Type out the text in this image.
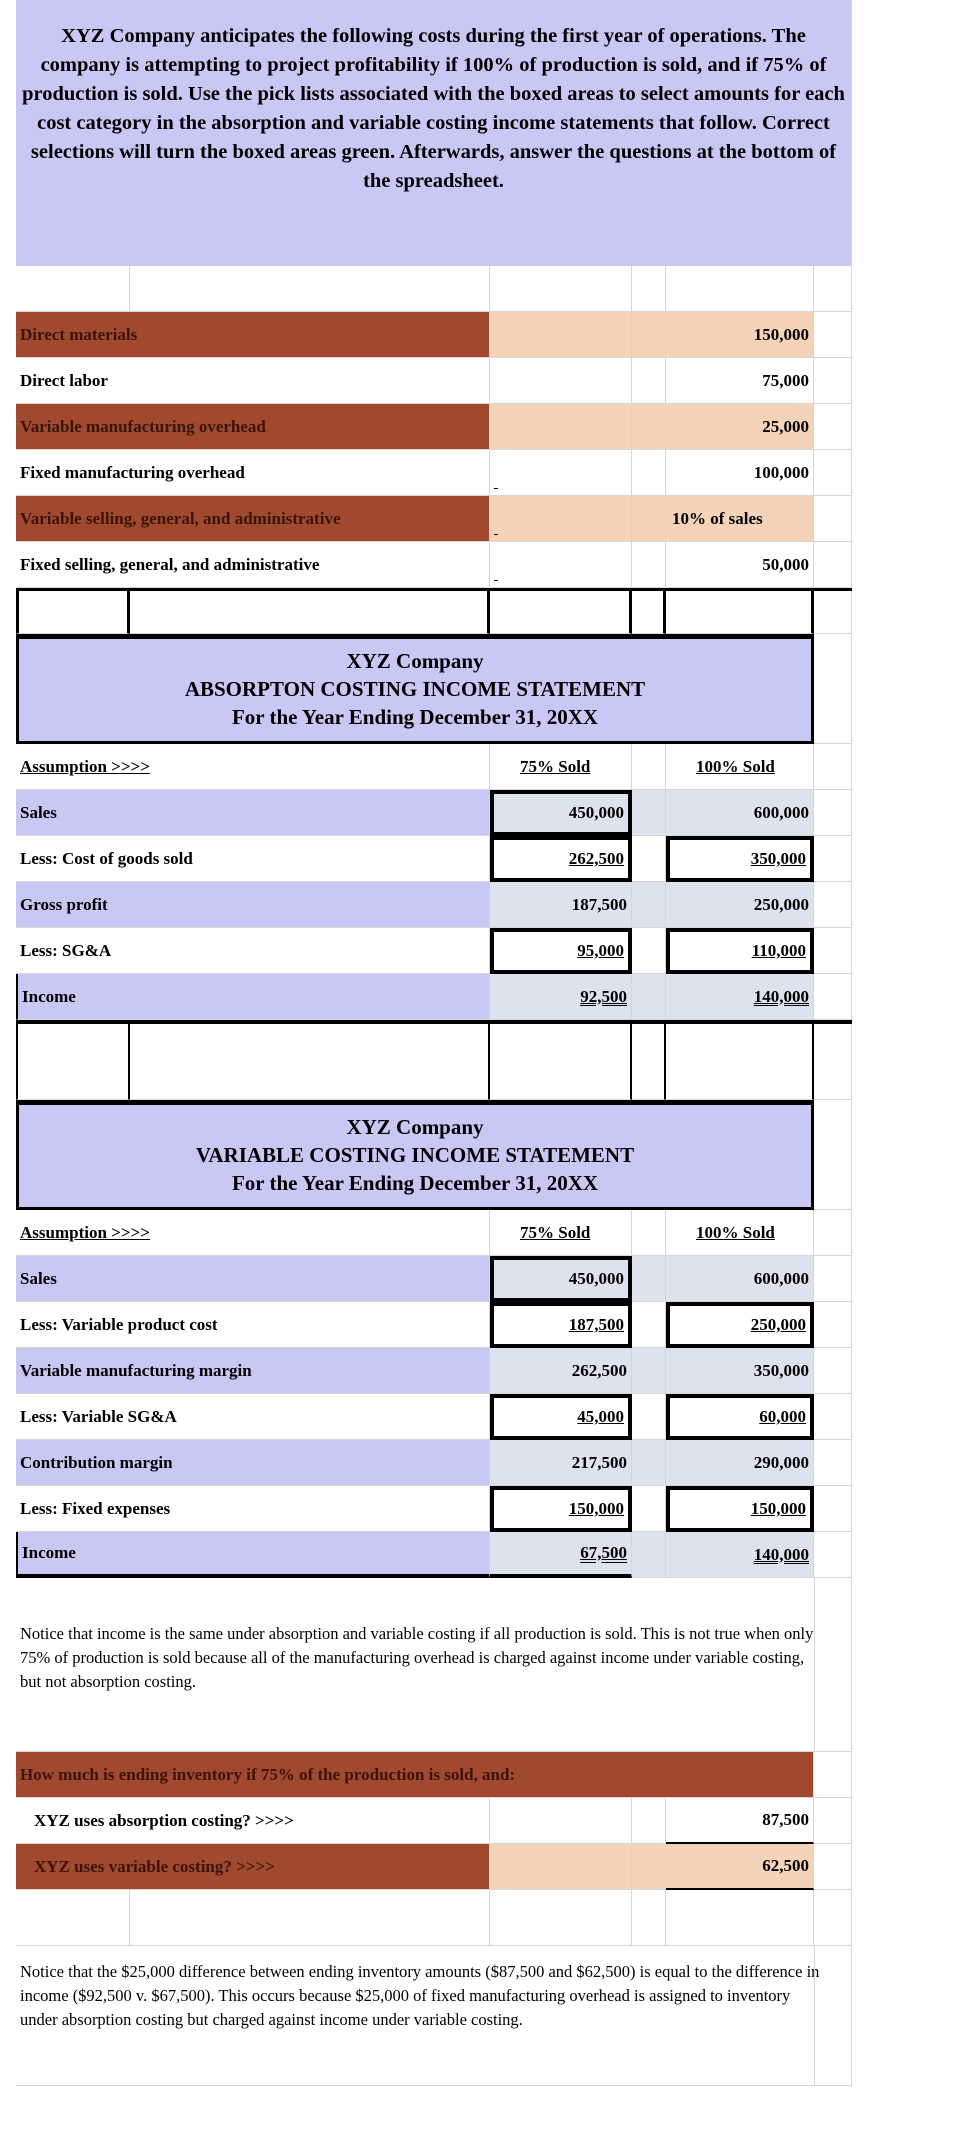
XYZ Company anticipates the following costs during the first year of operations. The company is attempting to project profitability if 100% of production is sold, and if 75% of production is sold. Use the pick lists associated with the boxed areas to select amounts for each cost category in the absorption and variable costing income statements that follow. Correct selections will turn the boxed areas green. Afterwards, answer the questions at the bottom of the spreadsheet.
Direct materials	150,000
Direct labor	75,000
Variable manufacturing overhead	25,000
Fixed manufacturing overhead	100,000
Variable selling, general, and administrative	10% of sales
Fixed selling, general, and administrative	50,000
XYZ Company
ABSORPTON COSTING INCOME STATEMENT
For the Year Ending December 31, 20XX
Assumption >>>>	75% Sold	100% Sold
Sales	450,000	600,000
Less: Cost of goods sold	262,500	350,000
Gross profit	187,500	250,000
Less: SG&A	95,000	110,000
Income	92,500	140,000
XYZ Company
VARIABLE COSTING INCOME STATEMENT
For the Year Ending December 31, 20XX
Assumption >>>>	75% Sold	100% Sold
Sales	450,000	600,000
Less: Variable product cost	187,500	250,000
Variable manufacturing margin	262,500	350,000
Less: Variable SG&A	45,000	60,000
Contribution margin	217,500	290,000
Less: Fixed expenses	150,000	150,000
Income	67,500	140,000
Notice that income is the same under absorption and variable costing if all production is sold. This is not true when only 75% of production is sold because all of the manufacturing overhead is charged against income under variable costing, but not absorption costing.
How much is ending inventory if 75% of the production is sold, and:
XYZ uses absorption costing? >>>>	87,500
XYZ uses variable costing? >>>>	62,500
Notice that the $25,000 difference between ending inventory amounts ($87,500 and $62,500) is equal to the difference in income ($92,500 v. $67,500). This occurs because $25,000 of fixed manufacturing overhead is assigned to inventory under absorption costing but charged against income under variable costing.
